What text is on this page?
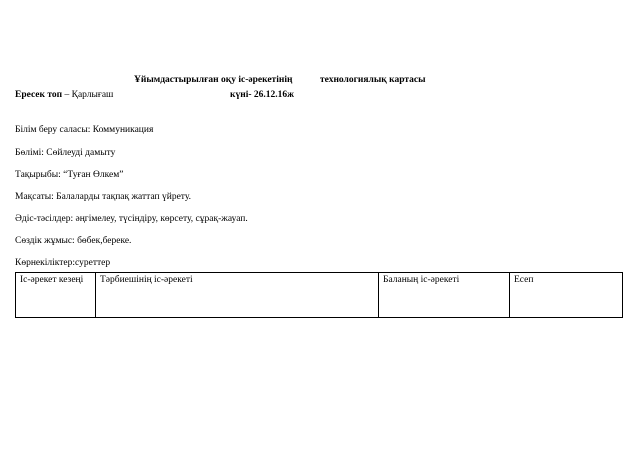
Ұйымдастырылған оқу іс-әрекетінің	технологиялық картасы
Ересек топ – Қарлығаш	күні- 26.12.16ж
Білім беру саласы: Коммуникация
Бөлімі: Сөйлеуді дамыту
Тақырыбы: “Туған Өлкем”
Мақсаты: Балаларды тақпақ жаттап үйрету.
Әдіс-тәсілдер: әңгімелеу, түсіндіру, көрсету, сұрақ-жауап.
Сөздік жұмыс: бөбек,береке.
Көрнекіліктер:суреттер
Іс-әрекет кезеңі	Тәрбиешінің іс-әрекеті	Баланың іс-әрекеті	Есеп
